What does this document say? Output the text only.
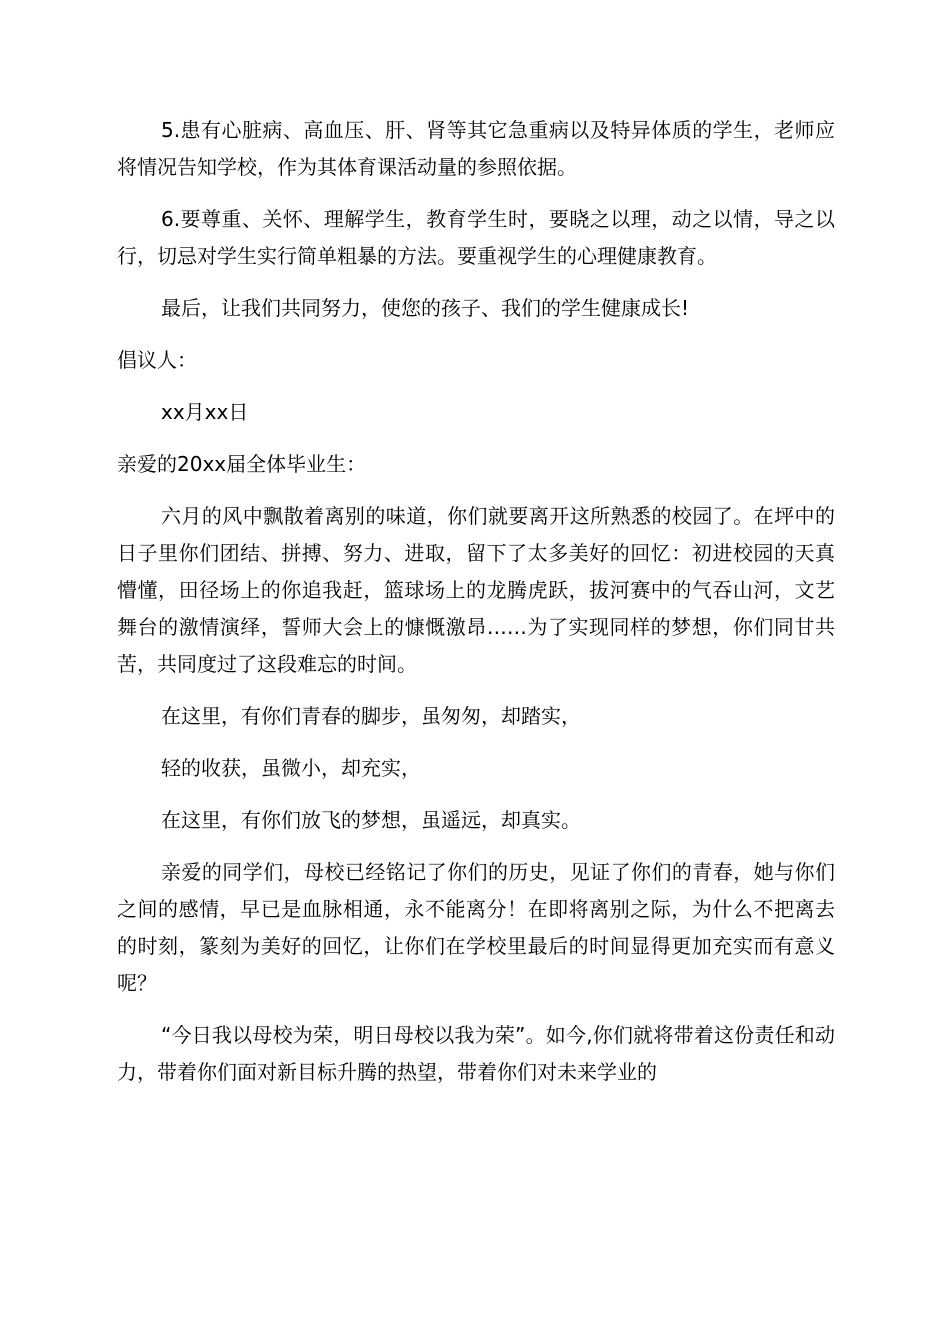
5.患有心脏病、高血压、肝、肾等其它急重病以及特异体质的学生，老师应将情况告知学校，作为其体育课活动量的参照依据。

6.要尊重、关怀、理解学生，教育学生时，要晓之以理，动之以情，导之以行，切忌对学生实行简单粗暴的方法。要重视学生的心理健康教育。

最后，让我们共同努力，使您的孩子、我们的学生健康成长!

倡议人：

xx月xx日

亲爱的20xx届全体毕业生：

六月的风中飘散着离别的味道，你们就要离开这所熟悉的校园了。在坪中的日子里你们团结、拼搏、努力、进取，留下了太多美好的回忆：初进校园的天真懵懂，田径场上的你追我赶，篮球场上的龙腾虎跃，拔河赛中的气吞山河，文艺舞台的激情演绎，誓师大会上的慷慨激昂……为了实现同样的梦想，你们同甘共苦，共同度过了这段难忘的时间。

在这里，有你们青春的脚步，虽匆匆，却踏实，

轻的收获，虽微小，却充实，

在这里，有你们放飞的梦想，虽遥远，却真实。

亲爱的同学们，母校已经铭记了你们的历史，见证了你们的青春，她与你们之间的感情，早已是血脉相通，永不能离分！在即将离别之际，为什么不把离去的时刻，篆刻为美好的回忆，让你们在学校里最后的时间显得更加充实而有意义呢？

“今日我以母校为荣，明日母校以我为荣”。如今,你们就将带着这份责任和动力，带着你们面对新目标升腾的热望，带着你们对未来学业的
